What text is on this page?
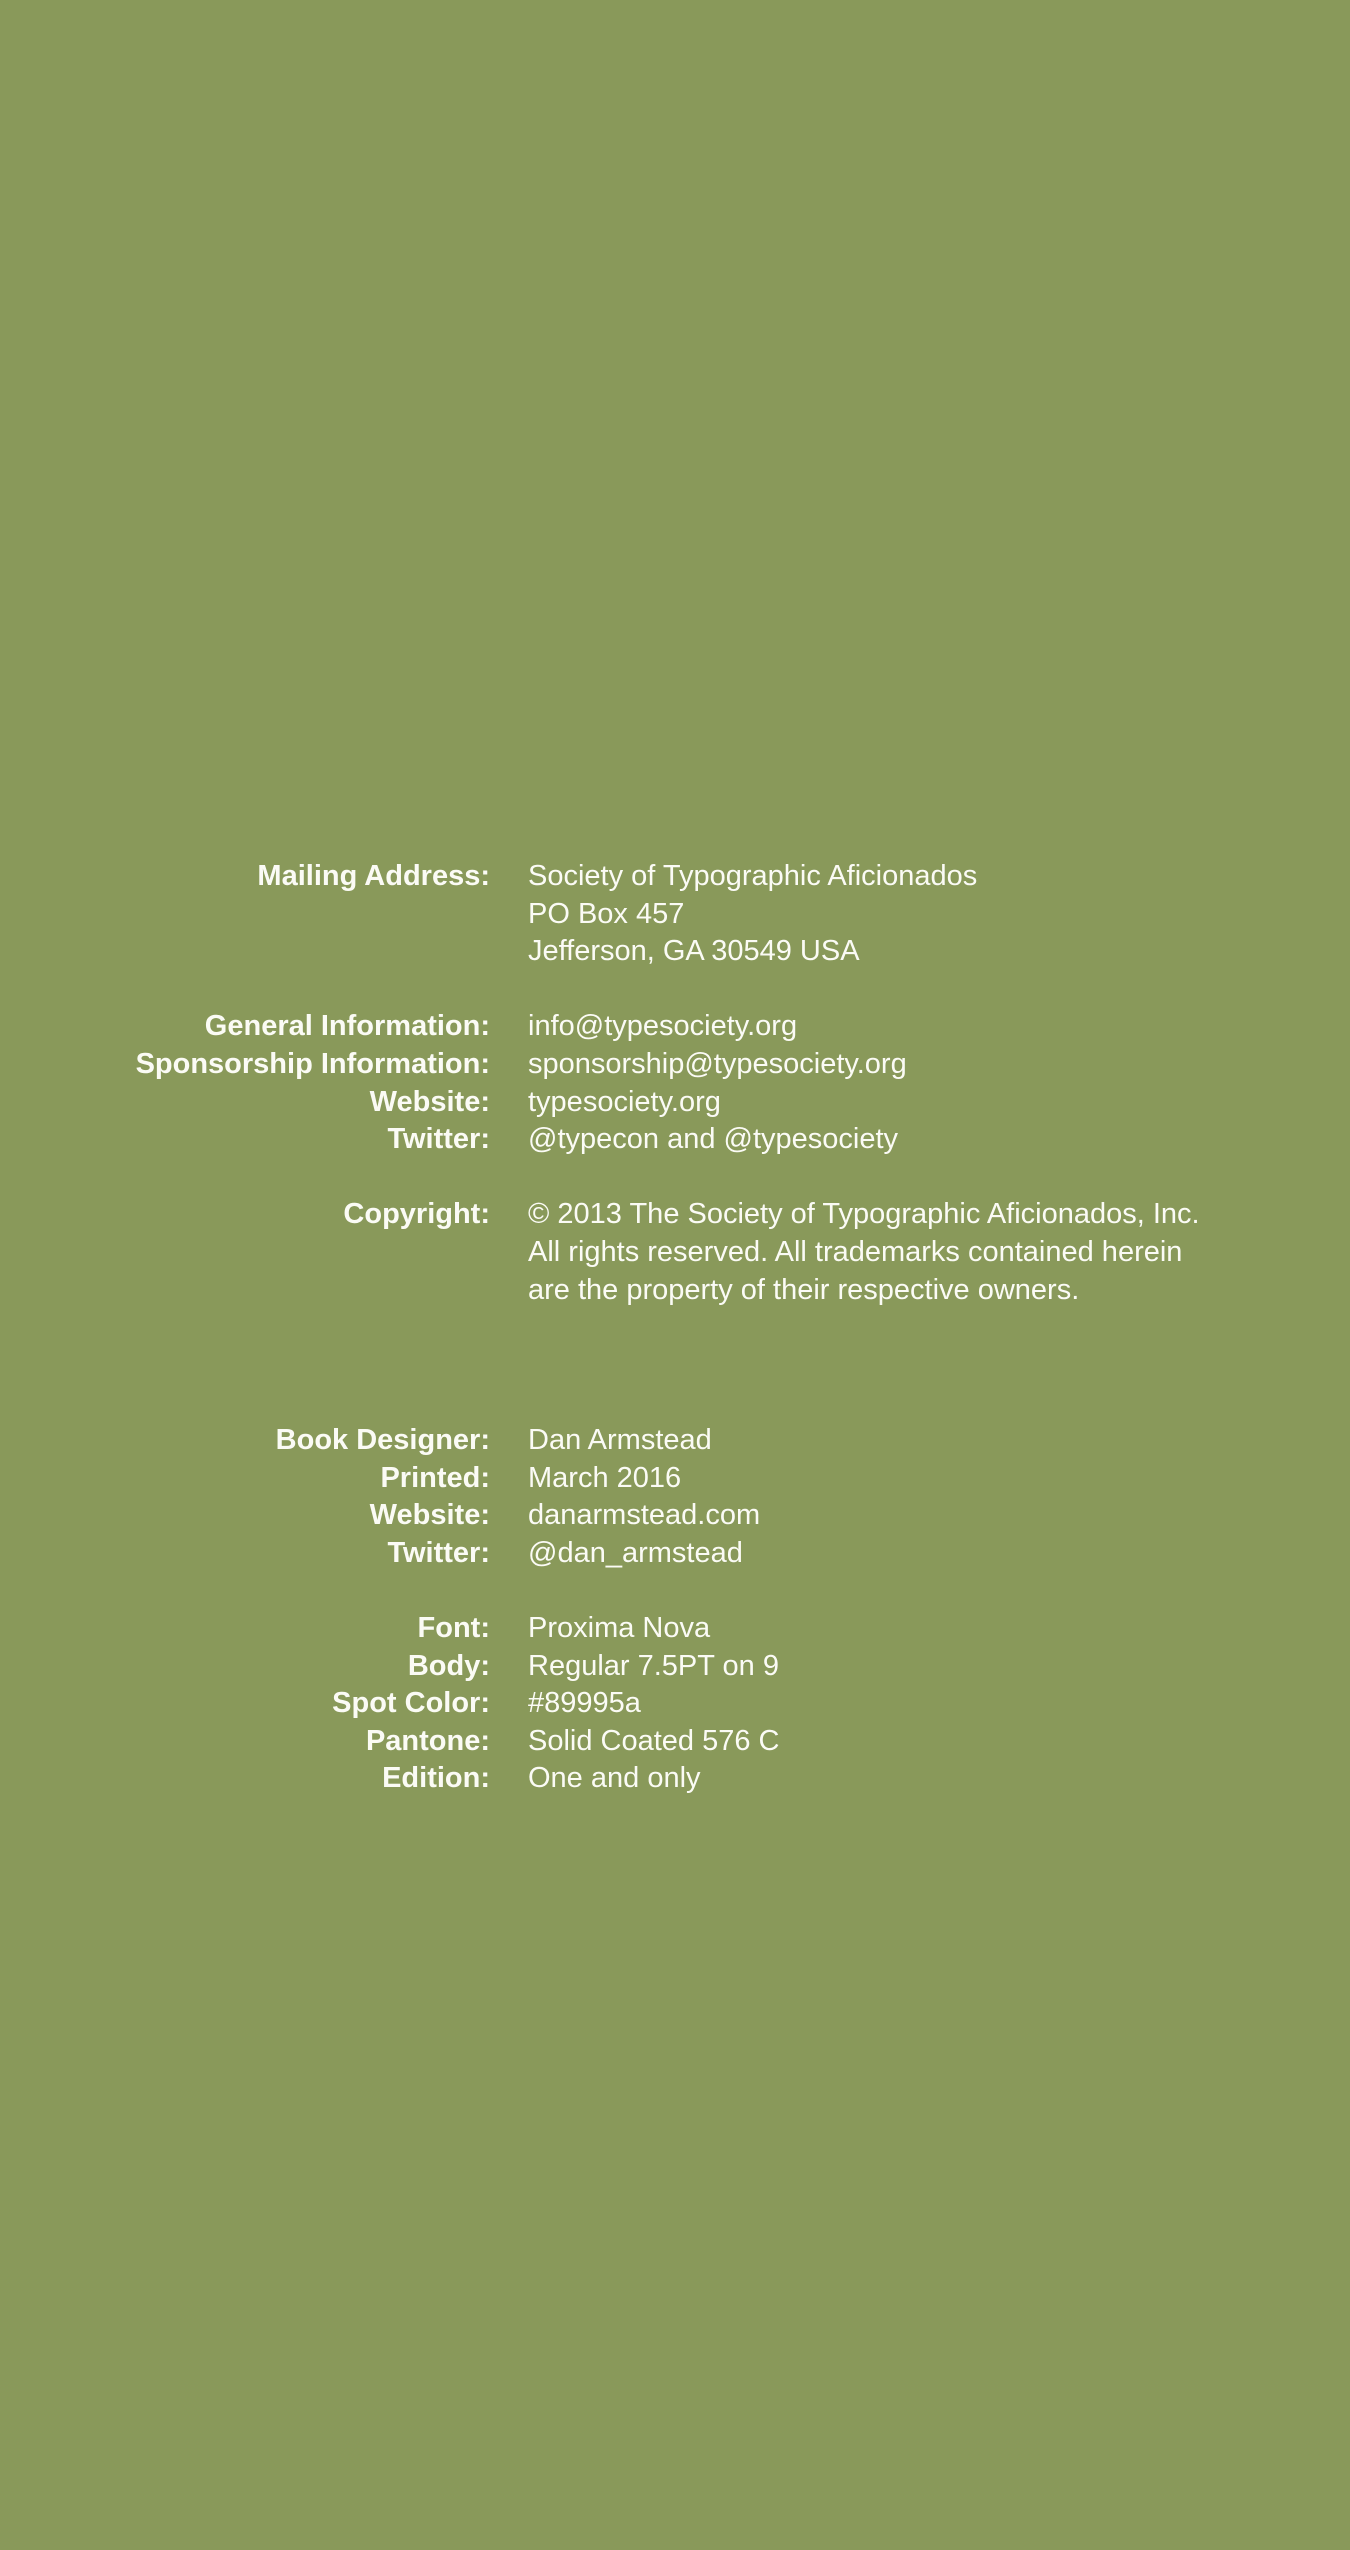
Mailing Address: Society of Typographic Aficionados
PO Box 457
Jefferson, GA 30549 USA
General Information: info@typesociety.org
Sponsorship Information: sponsorship@typesociety.org
Website: typesociety.org
Twitter: @typecon and @typesociety
Copyright: © 2013 The Society of Typographic Aficionados, Inc.
All rights reserved. All trademarks contained herein
are the property of their respective owners.
Book Designer: Dan Armstead
Printed: March 2016
Website: danarmstead.com
Twitter: @dan_armstead
Font: Proxima Nova
Body: Regular 7.5PT on 9
Spot Color: #89995a
Pantone: Solid Coated 576 C
Edition: One and only
